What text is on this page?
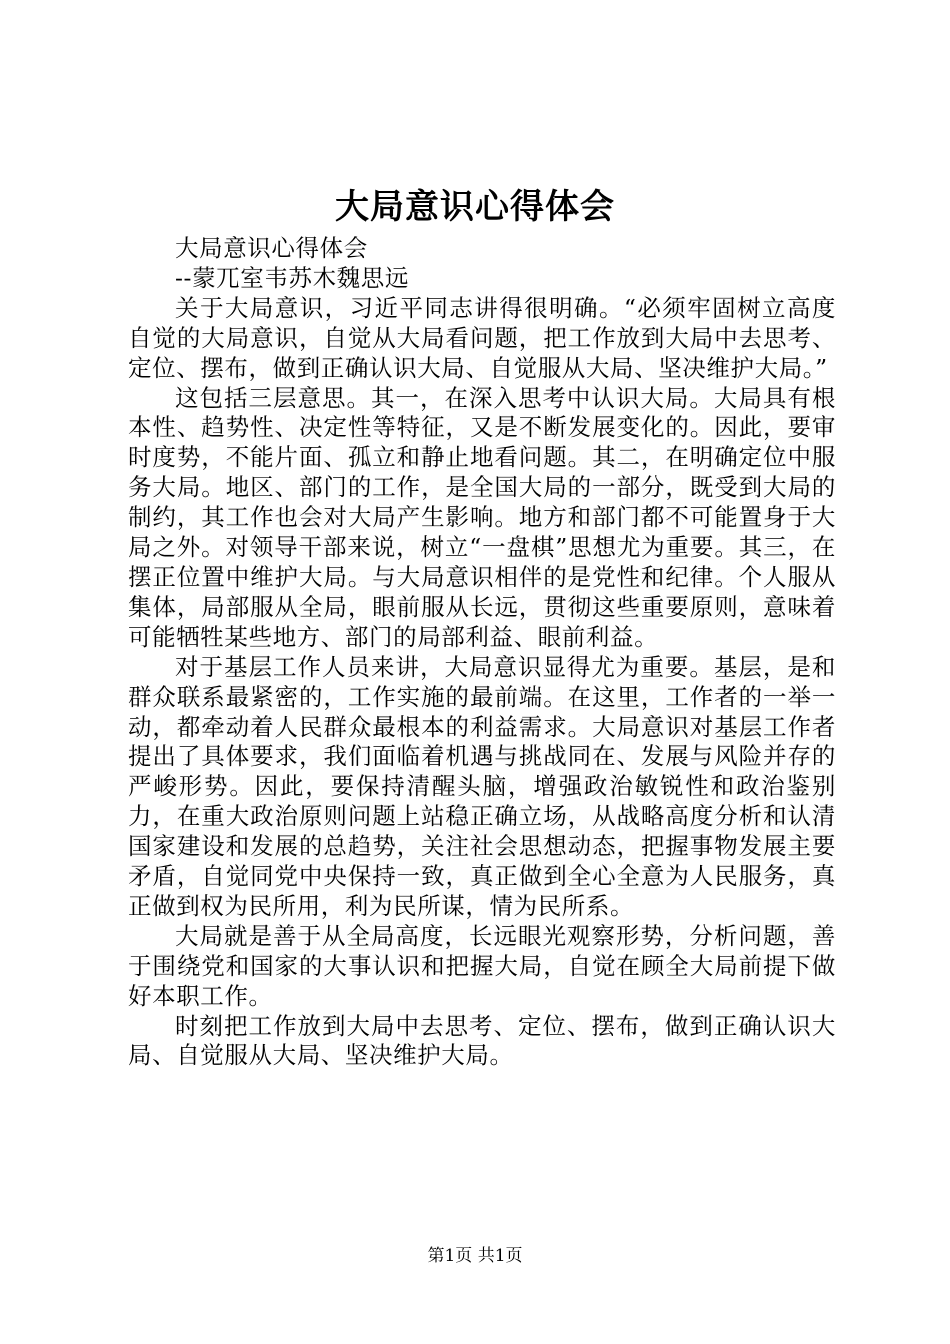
大局意识心得体会

大局意识心得体会

--蒙兀室韦苏木魏思远

关于大局意识，习近平同志讲得很明确。“必须牢固树立高度自觉的大局意识，自觉从大局看问题，把工作放到大局中去思考、定位、摆布，做到正确认识大局、自觉服从大局、坚决维护大局。”

这包括三层意思。其一，在深入思考中认识大局。大局具有根本性、趋势性、决定性等特征，又是不断发展变化的。因此，要审时度势，不能片面、孤立和静止地看问题。其二，在明确定位中服务大局。地区、部门的工作，是全国大局的一部分，既受到大局的制约，其工作也会对大局产生影响。地方和部门都不可能置身于大局之外。对领导干部来说，树立“一盘棋”思想尤为重要。其三，在摆正位置中维护大局。与大局意识相伴的是党性和纪律。个人服从集体，局部服从全局，眼前服从长远，贯彻这些重要原则，意味着可能牺牲某些地方、部门的局部利益、眼前利益。

对于基层工作人员来讲，大局意识显得尤为重要。基层，是和群众联系最紧密的，工作实施的最前端。在这里，工作者的一举一动，都牵动着人民群众最根本的利益需求。大局意识对基层工作者提出了具体要求，我们面临着机遇与挑战同在、发展与风险并存的严峻形势。因此，要保持清醒头脑，增强政治敏锐性和政治鉴别力，在重大政治原则问题上站稳正确立场，从战略高度分析和认清国家建设和发展的总趋势，关注社会思想动态，把握事物发展主要矛盾，自觉同党中央保持一致，真正做到全心全意为人民服务，真正做到权为民所用，利为民所谋，情为民所系。

大局就是善于从全局高度，长远眼光观察形势，分析问题，善于围绕党和国家的大事认识和把握大局，自觉在顾全大局前提下做好本职工作。

时刻把工作放到大局中去思考、定位、摆布，做到正确认识大局、自觉服从大局、坚决维护大局。

第1页 共1页
